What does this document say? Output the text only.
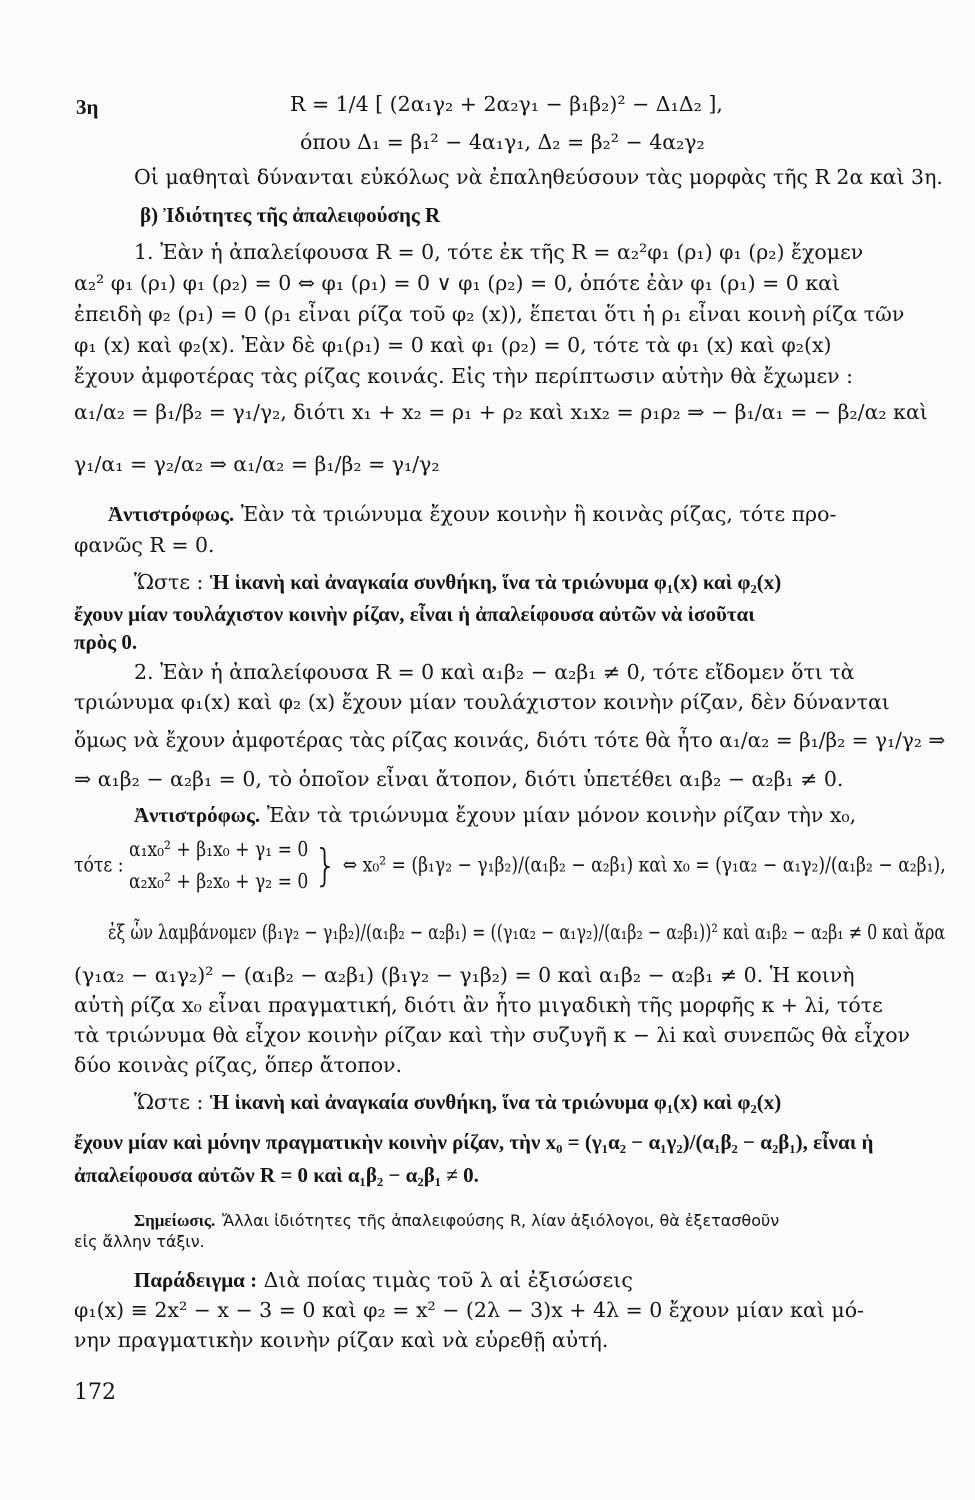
3η	R = 1/4 [ (2α₁γ₂ + 2α₂γ₁ − β₁β₂)² − Δ₁Δ₂ ],
όπου Δ₁ = β₁² − 4α₁γ₁, Δ₂ = β₂² − 4α₂γ₂
Οἱ μαθηταὶ δύνανται εὐκόλως νὰ ἐπαληθεύσουν τὰς μορφὰς τῆς R 2α καὶ 3η.
β) Ἰδιότητες τῆς ἀπαλειφούσης R
1. Ἐὰν ἡ ἀπαλείφουσα R = 0, τότε ἐκ τῆς R = α₂²φ₁ (ρ₁) φ₁ (ρ₂) ἔχομεν
α₂² φ₁ (ρ₁) φ₁ (ρ₂) = 0 ⇔ φ₁ (ρ₁) = 0 ∨ φ₁ (ρ₂) = 0, ὁπότε ἐὰν φ₁ (ρ₁) = 0 καὶ
ἐπειδὴ φ₂ (ρ₁) = 0 (ρ₁ εἶναι ρίζα τοῦ φ₂ (x)), ἕπεται ὅτι ἡ ρ₁ εἶναι κοινὴ ρίζα τῶν
φ₁ (x) καὶ φ₂(x). Ἐὰν δὲ φ₁(ρ₁) = 0 καὶ φ₁ (ρ₂) = 0, τότε τὰ φ₁ (x) καὶ φ₂(x)
ἔχουν ἀμφοτέρας τὰς ρίζας κοινάς. Εἰς τὴν περίπτωσιν αὐτὴν θὰ ἔχωμεν :
α₁/α₂ = β₁/β₂ = γ₁/γ₂, διότι x₁ + x₂ = ρ₁ + ρ₂ καὶ x₁x₂ = ρ₁ρ₂ ⇒ − β₁/α₁ = − β₂/α₂ καὶ
γ₁/α₁ = γ₂/α₂ ⇒ α₁/α₂ = β₁/β₂ = γ₁/γ₂
Ἀντιστρόφως. Ἐὰν τὰ τριώνυμα ἔχουν κοινὴν ἢ κοινὰς ρίζας, τότε προ-
φανῶς R = 0.
Ὥστε : Ἡ ἱκανὴ καὶ ἀναγκαία συνθήκη, ἵνα τὰ τριώνυμα φ₁(x) καὶ φ₂(x)
ἔχουν μίαν τουλάχιστον κοινὴν ρίζαν, εἶναι ἡ ἀπαλείφουσα αὐτῶν νὰ ἰσοῦται
πρὸς 0.
2. Ἐὰν ἡ ἀπαλείφουσα R = 0 καὶ α₁β₂ − α₂β₁ ≠ 0, τότε εἴδομεν ὅτι τὰ
τριώνυμα φ₁(x) καὶ φ₂ (x) ἔχουν μίαν τουλάχιστον κοινὴν ρίζαν, δὲν δύνανται
ὅμως νὰ ἔχουν ἀμφοτέρας τὰς ρίζας κοινάς, διότι τότε θὰ ἦτο α₁/α₂ = β₁/β₂ = γ₁/γ₂ ⇒
⇒ α₁β₂ − α₂β₁ = 0, τὸ ὁποῖον εἶναι ἄτοπον, διότι ὑπετέθει α₁β₂ − α₂β₁ ≠ 0.
Ἀντιστρόφως. Ἐὰν τὰ τριώνυμα ἔχουν μίαν μόνον κοινὴν ρίζαν τὴν x₀,
τότε :
α₁x₀² + β₁x₀ + γ₁ = 0
α₂x₀² + β₂x₀ + γ₂ = 0 } ⇔ x₀² = (β₁γ₂ − γ₁β₂)/(α₁β₂ − α₂β₁) καὶ x₀ = (γ₁α₂ − α₁γ₂)/(α₁β₂ − α₂β₁),
ἐξ ὧν λαμβάνομεν (β₁γ₂ − γ₁β₂)/(α₁β₂ − α₂β₁) = ((γ₁α₂ − α₁γ₂)/(α₁β₂ − α₂β₁))² καὶ α₁β₂ − α₂β₁ ≠ 0 καὶ ἄρα
(γ₁α₂ − α₁γ₂)² − (α₁β₂ − α₂β₁) (β₁γ₂ − γ₁β₂) = 0 καὶ α₁β₂ − α₂β₁ ≠ 0. Ἡ κοινὴ
αὐτὴ ρίζα x₀ εἶναι πραγματική, διότι ἂν ἦτο μιγαδικὴ τῆς μορφῆς κ + λi, τότε
τὰ τριώνυμα θὰ εἶχον κοινὴν ρίζαν καὶ τὴν συζυγῆ κ − λi καὶ συνεπῶς θὰ εἶχον
δύο κοινὰς ρίζας, ὅπερ ἄτοπον.
Ὥστε : Ἡ ἱκανὴ καὶ ἀναγκαία συνθήκη, ἵνα τὰ τριώνυμα φ₁(x) καὶ φ₂(x)
ἔχουν μίαν καὶ μόνην πραγματικὴν κοινὴν ρίζαν, τὴν x₀ = (γ₁α₂ − α₁γ₂)/(α₁β₂ − α₂β₁), εἶναι ἡ
ἀπαλείφουσα αὐτῶν R = 0 καὶ α₁β₂ − α₂β₁ ≠ 0.
Σημείωσις. Ἄλλαι ἰδιότητες τῆς ἀπαλειφούσης R, λίαν ἀξιόλογοι, θὰ ἐξετασθοῦν
εἰς ἄλλην τάξιν.
Παράδειγμα : Διὰ ποίας τιμὰς τοῦ λ αἱ ἐξισώσεις
φ₁(x) ≡ 2x² − x − 3 = 0 καὶ φ₂ = x² − (2λ − 3)x + 4λ = 0 ἔχουν μίαν καὶ μό-
νην πραγματικὴν κοινὴν ρίζαν καὶ νὰ εὑρεθῇ αὐτή.
172
